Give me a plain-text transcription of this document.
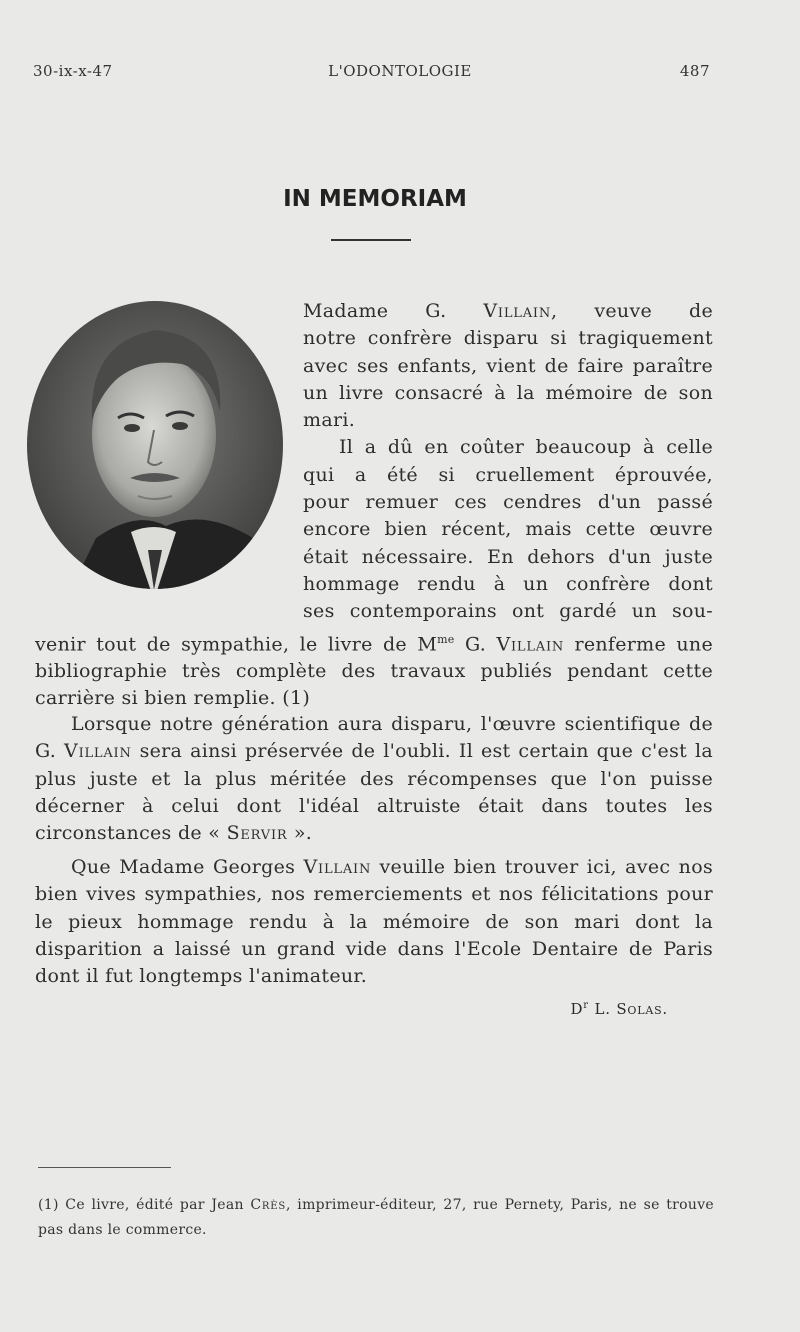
30-ix-x-47	L'ODONTOLOGIE	487
IN MEMORIAM
Madame G. Villain, veuve de
notre confrère disparu si tragiquement
avec ses enfants, vient de faire paraître
un livre consacré à la mémoire de son
mari.
Il a dû en coûter beaucoup à celle
qui a été si cruellement éprouvée,
pour remuer ces cendres d'un passé
encore bien récent, mais cette œuvre
était nécessaire. En dehors d'un juste
hommage rendu à un confrère dont
ses contemporains ont gardé un sou-
venir tout de sympathie, le livre de $M^{me}$ G. Villain renferme une bibliographie très complète des travaux publiés pendant cette carrière si bien remplie. (1)
Lorsque notre génération aura disparu, l'œuvre scientifique de G. Villain sera ainsi préservée de l'oubli. Il est certain que c'est la plus juste et la plus méritée des récompenses que l'on puisse décerner à celui dont l'idéal altruiste était dans toutes les circonstances de « Servir ».
Que Madame Georges Villain veuille bien trouver ici, avec nos bien vives sympathies, nos remerciements et nos félicitations pour le pieux hommage rendu à la mémoire de son mari dont la disparition a laissé un grand vide dans l'Ecole Dentaire de Paris dont il fut longtemps l'animateur.
$D^r$ L. Solas.
(1) Ce livre, édité par Jean Crès, imprimeur-éditeur, 27, rue Pernety, Paris, ne se trouve pas dans le commerce.
